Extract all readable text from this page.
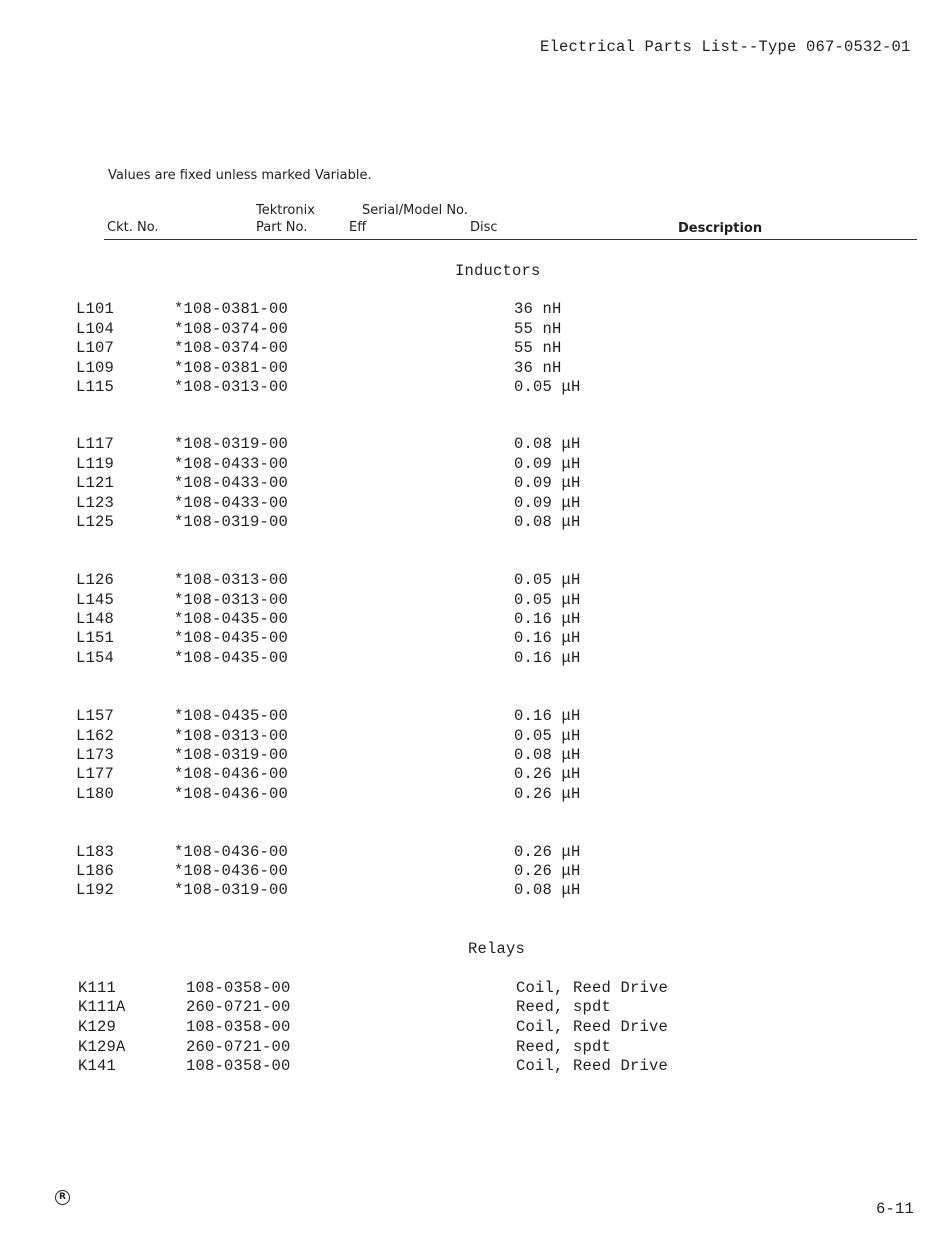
Electrical Parts List--Type 067-0532-01
Values are fixed unless marked Variable.
Tektronix	Serial/Model No.
Ckt. No.	Part No.	Eff	Disc	Description
Inductors
L101	*108-0381-00	36 nH
L104	*108-0374-00	55 nH
L107	*108-0374-00	55 nH
L109	*108-0381-00	36 nH
L115	*108-0313-00	0.05 μH
L117	*108-0319-00	0.08 μH
L119	*108-0433-00	0.09 μH
L121	*108-0433-00	0.09 μH
L123	*108-0433-00	0.09 μH
L125	*108-0319-00	0.08 μH
L126	*108-0313-00	0.05 μH
L145	*108-0313-00	0.05 μH
L148	*108-0435-00	0.16 μH
L151	*108-0435-00	0.16 μH
L154	*108-0435-00	0.16 μH
L157	*108-0435-00	0.16 μH
L162	*108-0313-00	0.05 μH
L173	*108-0319-00	0.08 μH
L177	*108-0436-00	0.26 μH
L180	*108-0436-00	0.26 μH
L183	*108-0436-00	0.26 μH
L186	*108-0436-00	0.26 μH
L192	*108-0319-00	0.08 μH
Relays
K111	108-0358-00	Coil, Reed Drive
K111A	260-0721-00	Reed, spdt
K129	108-0358-00	Coil, Reed Drive
K129A	260-0721-00	Reed, spdt
K141	108-0358-00	Coil, Reed Drive
R
6-11
